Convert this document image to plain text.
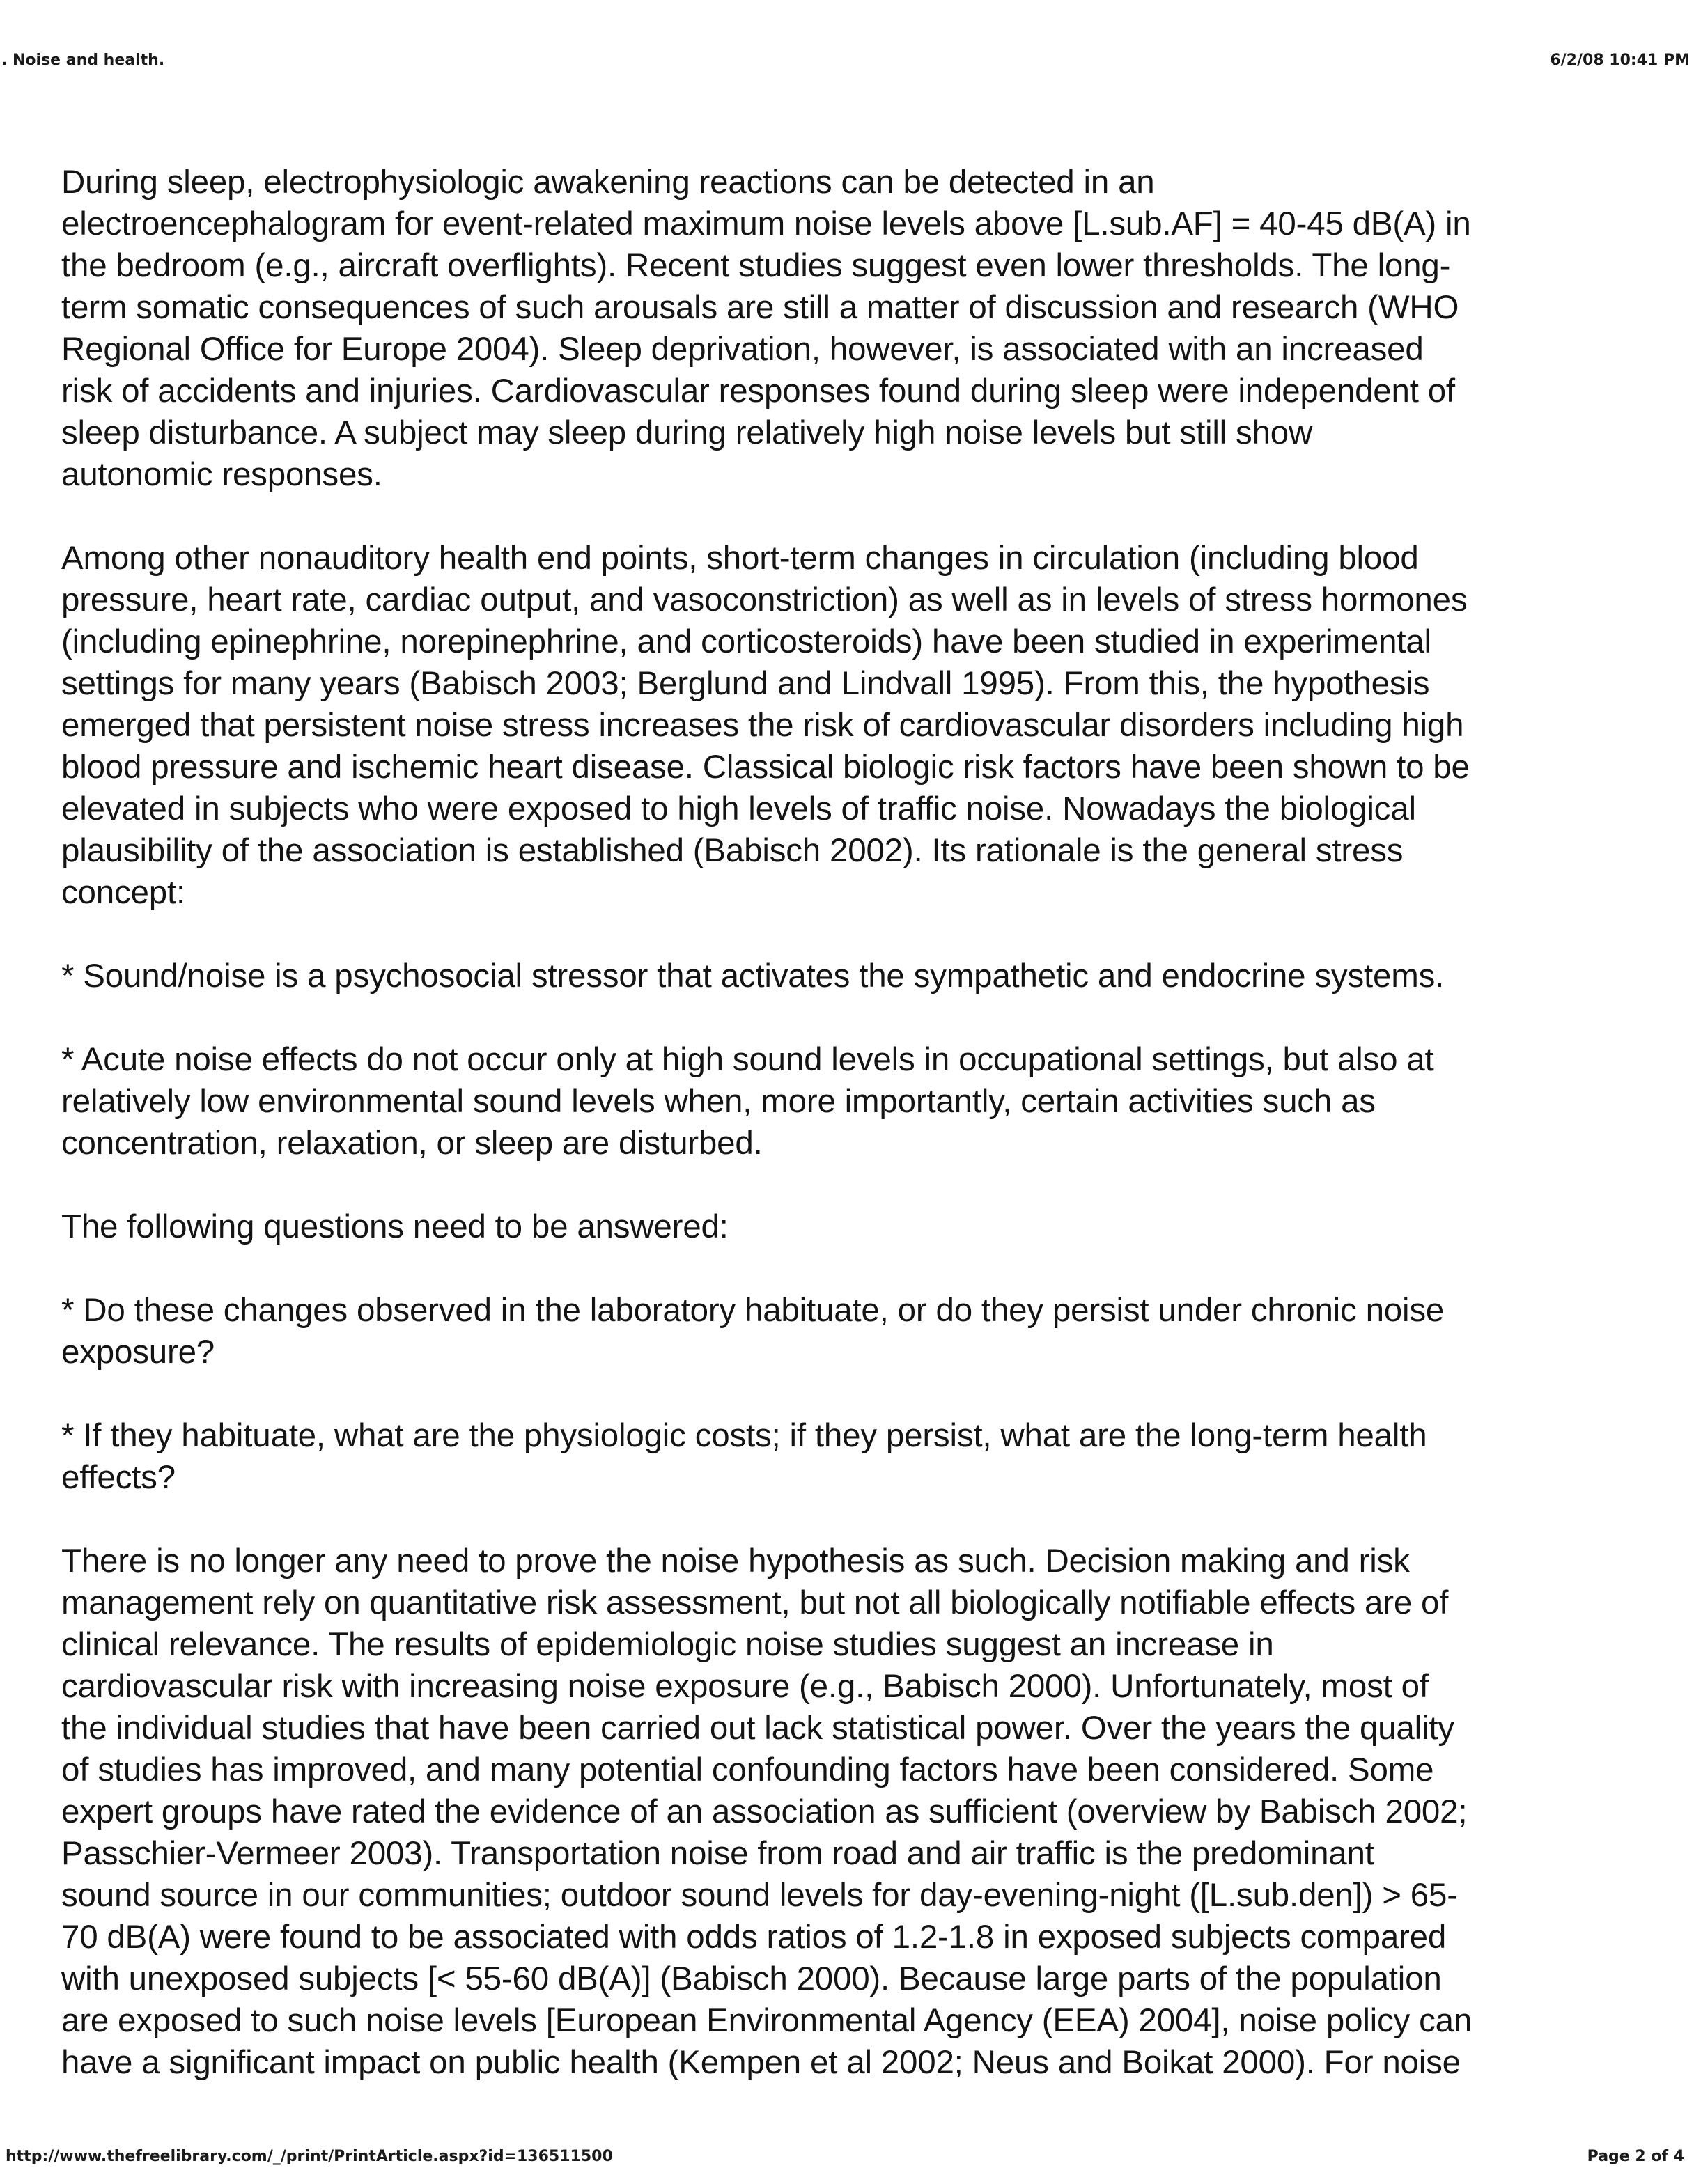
. Noise and health.	6/2/08 10:41 PM

During sleep, electrophysiologic awakening reactions can be detected in an
electroencephalogram for event-related maximum noise levels above [L.sub.AF] = 40-45 dB(A) in
the bedroom (e.g., aircraft overflights). Recent studies suggest even lower thresholds. The long-
term somatic consequences of such arousals are still a matter of discussion and research (WHO
Regional Office for Europe 2004). Sleep deprivation, however, is associated with an increased
risk of accidents and injuries. Cardiovascular responses found during sleep were independent of
sleep disturbance. A subject may sleep during relatively high noise levels but still show
autonomic responses.

Among other nonauditory health end points, short-term changes in circulation (including blood
pressure, heart rate, cardiac output, and vasoconstriction) as well as in levels of stress hormones
(including epinephrine, norepinephrine, and corticosteroids) have been studied in experimental
settings for many years (Babisch 2003; Berglund and Lindvall 1995). From this, the hypothesis
emerged that persistent noise stress increases the risk of cardiovascular disorders including high
blood pressure and ischemic heart disease. Classical biologic risk factors have been shown to be
elevated in subjects who were exposed to high levels of traffic noise. Nowadays the biological
plausibility of the association is established (Babisch 2002). Its rationale is the general stress
concept:

* Sound/noise is a psychosocial stressor that activates the sympathetic and endocrine systems.

* Acute noise effects do not occur only at high sound levels in occupational settings, but also at
relatively low environmental sound levels when, more importantly, certain activities such as
concentration, relaxation, or sleep are disturbed.

The following questions need to be answered:

* Do these changes observed in the laboratory habituate, or do they persist under chronic noise
exposure?

* If they habituate, what are the physiologic costs; if they persist, what are the long-term health
effects?

There is no longer any need to prove the noise hypothesis as such. Decision making and risk
management rely on quantitative risk assessment, but not all biologically notifiable effects are of
clinical relevance. The results of epidemiologic noise studies suggest an increase in
cardiovascular risk with increasing noise exposure (e.g., Babisch 2000). Unfortunately, most of
the individual studies that have been carried out lack statistical power. Over the years the quality
of studies has improved, and many potential confounding factors have been considered. Some
expert groups have rated the evidence of an association as sufficient (overview by Babisch 2002;
Passchier-Vermeer 2003). Transportation noise from road and air traffic is the predominant
sound source in our communities; outdoor sound levels for day-evening-night ([L.sub.den]) > 65-
70 dB(A) were found to be associated with odds ratios of 1.2-1.8 in exposed subjects compared
with unexposed subjects [< 55-60 dB(A)] (Babisch 2000). Because large parts of the population
are exposed to such noise levels [European Environmental Agency (EEA) 2004], noise policy can
have a significant impact on public health (Kempen et al 2002; Neus and Boikat 2000). For noise

http://www.thefreelibrary.com/_/print/PrintArticle.aspx?id=136511500	Page 2 of 4
